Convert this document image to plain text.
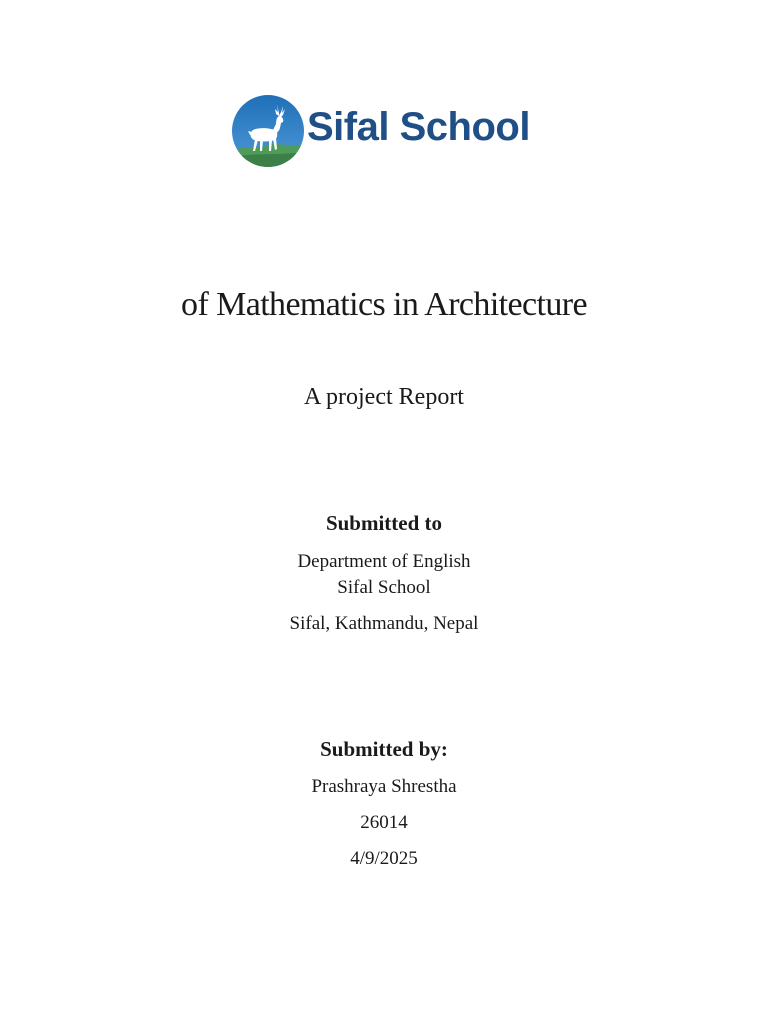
Sifal School
of Mathematics in Architecture
A project Report
Submitted to
Department of English
Sifal School
Sifal, Kathmandu, Nepal
Submitted by:
Prashraya Shrestha
26014
4/9/2025
